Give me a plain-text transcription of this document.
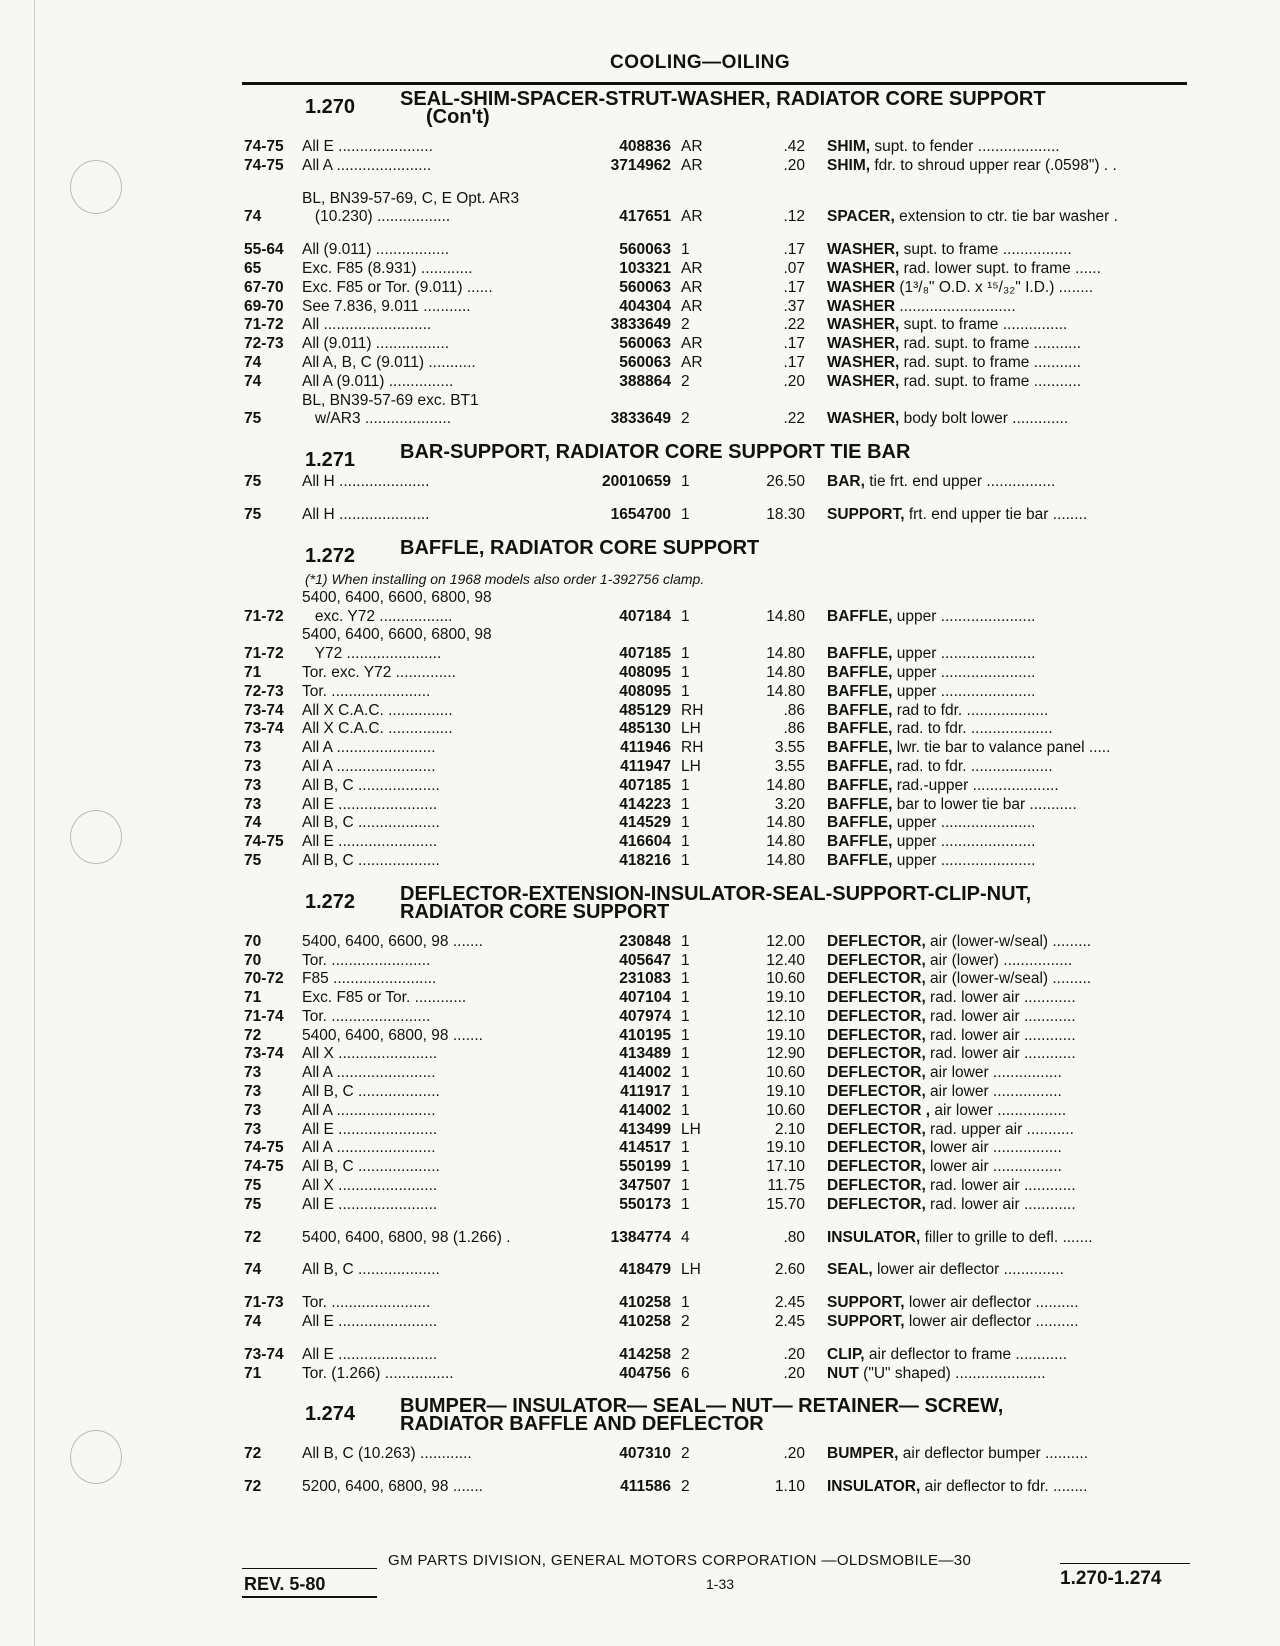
COOLING—OILING
1.270 SEAL-SHIM-SPACER-STRUT-WASHER, RADIATOR CORE SUPPORT
(Con't)
74-75 All E ......................	408836 AR	.42 SHIM, supt. to fender ...................
74-75 All A ......................	3714962 AR	.20 SHIM, fdr. to shroud upper rear (.0598") . .
74
BL, BN39-57-69, C, E Opt. AR3
(10.230) .................	417651 AR	.12 SPACER, extension to ctr. tie bar washer .
55-64 All (9.011) .................	560063 1	.17 WASHER, supt. to frame ................
65	Exc. F85 (8.931) ............	103321 AR	.07 WASHER, rad. lower supt. to frame ......
67-70 Exc. F85 or Tor. (9.011) ......	560063 AR	.17 WASHER (1³/₈" O.D. x ¹⁵/₃₂" I.D.) ........
69-70 See 7.836, 9.011 ...........	404304 AR	.37 WASHER ...........................
71-72 All .........................	3833649 2	.22 WASHER, supt. to frame ...............
72-73 All (9.011) .................	560063 AR	.17 WASHER, rad. supt. to frame ...........
74	All A, B, C (9.011) ...........	560063 AR	.17 WASHER, rad. supt. to frame ...........
74	All A (9.011) ...............	388864 2	.20 WASHER, rad. supt. to frame ...........
75
BL, BN39-57-69 exc. BT1
w/AR3 ....................	3833649 2	.22 WASHER, body bolt lower .............
1.271 BAR-SUPPORT, RADIATOR CORE SUPPORT TIE BAR
75	All H .....................	20010659 1	26.50 BAR, tie frt. end upper ................
75	All H .....................	1654700 1	18.30 SUPPORT, frt. end upper tie bar ........
1.272 BAFFLE, RADIATOR CORE SUPPORT
(*1) When installing on 1968 models also order 1-392756 clamp.
71-72
5400, 6400, 6600, 6800, 98
exc. Y72 .................	407184 1	14.80 BAFFLE, upper ......................
71-72
5400, 6400, 6600, 6800, 98
Y72 ......................	407185 1	14.80 BAFFLE, upper ......................
71	Tor. exc. Y72 ..............	408095 1	14.80 BAFFLE, upper ......................
72-73 Tor. .......................	408095 1	14.80 BAFFLE, upper ......................
73-74 All X C.A.C. ...............	485129 RH	.86 BAFFLE, rad to fdr. ...................
73-74 All X C.A.C. ...............	485130 LH	.86 BAFFLE, rad. to fdr. ...................
73	All A .......................	411946 RH	3.55 BAFFLE, lwr. tie bar to valance panel .....
73	All A .......................	411947 LH	3.55 BAFFLE, rad. to fdr. ...................
73	All B, C ...................	407185 1	14.80 BAFFLE, rad.-upper ....................
73	All E .......................	414223 1	3.20 BAFFLE, bar to lower tie bar ...........
74	All B, C ...................	414529 1	14.80 BAFFLE, upper ......................
74-75 All E .......................	416604 1	14.80 BAFFLE, upper ......................
75	All B, C ...................	418216 1	14.80 BAFFLE, upper ......................
1.272 DEFLECTOR-EXTENSION-INSULATOR-SEAL-SUPPORT-CLIP-NUT,
RADIATOR CORE SUPPORT
70	5400, 6400, 6600, 98 .......	230848 1	12.00 DEFLECTOR, air (lower-w/seal) .........
70	Tor. .......................	405647 1	12.40 DEFLECTOR, air (lower) ................
70-72 F85 ........................	231083 1	10.60 DEFLECTOR, air (lower-w/seal) .........
71	Exc. F85 or Tor. ............	407104 1	19.10 DEFLECTOR, rad. lower air ............
71-74 Tor. .......................	407974 1	12.10 DEFLECTOR, rad. lower air ............
72	5400, 6400, 6800, 98 .......	410195 1	19.10 DEFLECTOR, rad. lower air ............
73-74 All X .......................	413489 1	12.90 DEFLECTOR, rad. lower air ............
73	All A .......................	414002 1	10.60 DEFLECTOR, air lower ................
73	All B, C ...................	411917 1	19.10 DEFLECTOR, air lower ................
73	All A .......................	414002 1	10.60 DEFLECTOR , air lower ................
73	All E .......................	413499 LH	2.10 DEFLECTOR, rad. upper air ...........
74-75 All A .......................	414517 1	19.10 DEFLECTOR, lower air ................
74-75 All B, C ...................	550199 1	17.10 DEFLECTOR, lower air ................
75	All X .......................	347507 1	11.75 DEFLECTOR, rad. lower air ............
75	All E .......................	550173 1	15.70 DEFLECTOR, rad. lower air ............
72	5400, 6400, 6800, 98 (1.266) .	1384774 4	.80 INSULATOR, filler to grille to defl. .......
74	All B, C ...................	418479 LH	2.60 SEAL, lower air deflector ..............
71-73 Tor. .......................	410258 1	2.45 SUPPORT, lower air deflector ..........
74	All E .......................	410258 2	2.45 SUPPORT, lower air deflector ..........
73-74 All E .......................	414258 2	.20 CLIP, air deflector to frame ............
71	Tor. (1.266) ................	404756 6	.20 NUT ("U" shaped) .....................
1.274 BUMPER— INSULATOR— SEAL— NUT— RETAINER— SCREW,
RADIATOR BAFFLE AND DEFLECTOR
72	All B, C (10.263) ............	407310 2	.20 BUMPER, air deflector bumper ..........
72	5200, 6400, 6800, 98 .......	411586 2	1.10 INSULATOR, air deflector to fdr. ........
GM PARTS DIVISION, GENERAL MOTORS CORPORATION —OLDSMOBILE—30
REV. 5-80	1-33	1.270-1.274
